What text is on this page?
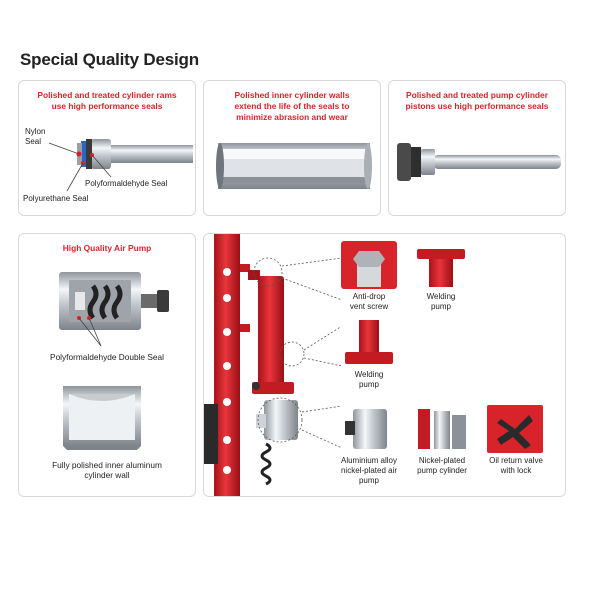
Special Quality Design
Polished and treated cylinder rams
use high performance seals
Nylon
Seal
Polyformaldehyde Seal
Polyurethane Seal
Polished inner cylinder walls
extend the life of the seals to
minimize abrasion and wear
Polished and treated pump cylinder
pistons use high performance seals
High Quality Air Pump
Polyformaldehyde Double Seal
Fully polished inner aluminum
cylinder wall
Anti-drop
vent screw
Welding
pump
Welding
pump
Aluminium alloy
nickel-plated air
pump
Nickel-plated
pump cylinder
Oil return valve
with lock
